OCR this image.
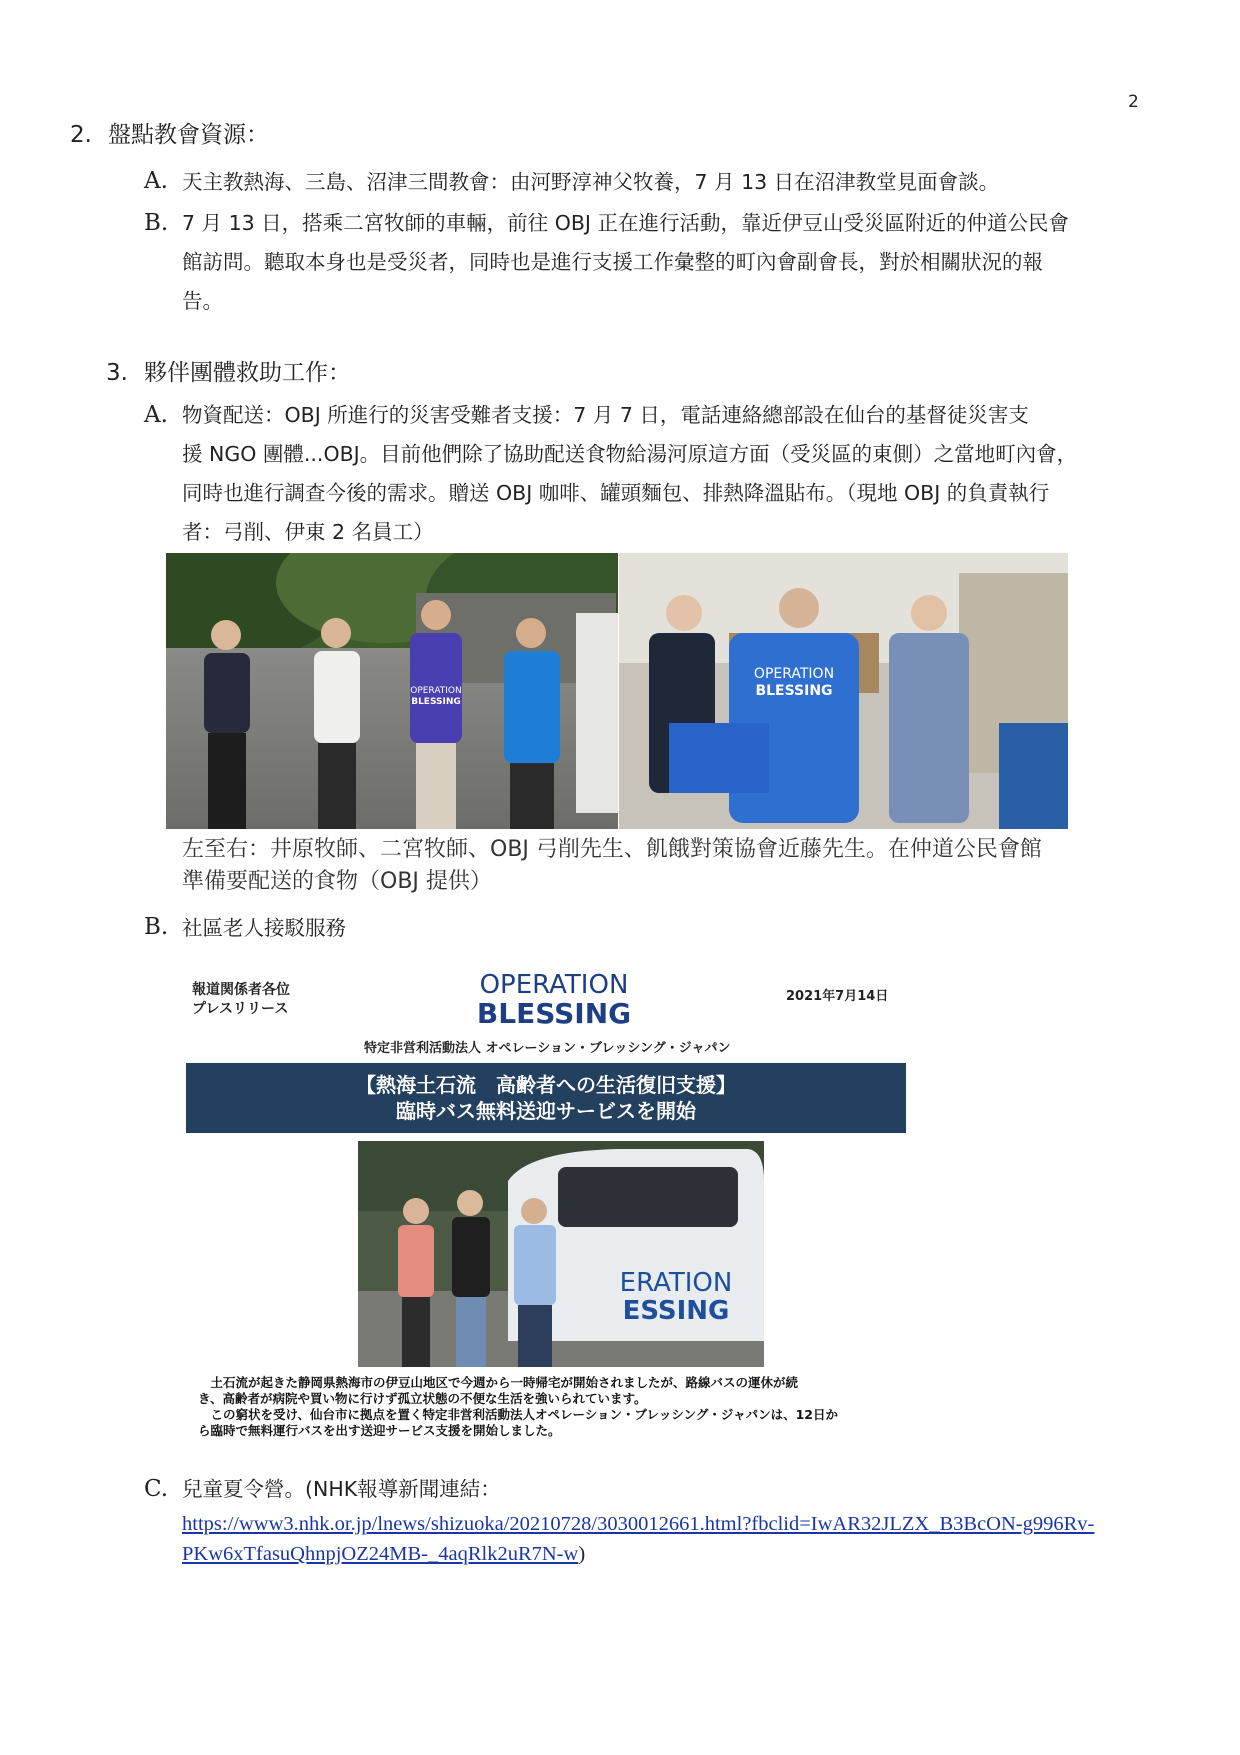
2
2. 盤點教會資源：
A. 天主教熱海、三島、沼津三間教會：由河野淳神父牧養，7 月 13 日在沼津教堂見面會談。
B. 7 月 13 日，搭乘二宮牧師的車輛，前往 OBJ 正在進行活動，靠近伊豆山受災區附近的仲道公民會
館訪問。聽取本身也是受災者，同時也是進行支援工作彙整的町內會副會長，對於相關狀況的報
告。
3. 夥伴團體救助工作：
A. 物資配送：OBJ 所進行的災害受難者支援：7 月 7 日，電話連絡總部設在仙台的基督徒災害支
援 NGO 團體...OBJ。目前他們除了協助配送食物給湯河原這方面（受災區的東側）之當地町內會，
同時也進行調查今後的需求。贈送 OBJ 咖啡、罐頭麵包、排熱降溫貼布。（現地 OBJ 的負責執行
者：弓削、伊東 2 名員工）
OPERATION
BLESSING
OPERATION
BLESSING
左至右：井原牧師、二宮牧師、OBJ 弓削先生、飢餓對策協會近藤先生。在仲道公民會館
準備要配送的食物（OBJ 提供）
B. 社區老人接駁服務
報道関係者各位
プレスリリース
OPERATION
BLESSING
2021年7月14日
特定非営利活動法人 オペレーション・ブレッシング・ジャパン
【熱海土石流　高齢者への生活復旧支援】
臨時バス無料送迎サービスを開始
ERATION
ESSING
　土石流が起きた静岡県熱海市の伊豆山地区で今週から一時帰宅が開始されましたが、路線バスの運休が続
き、高齢者が病院や買い物に行けず孤立状態の不便な生活を強いられています。
　この窮状を受け、仙台市に拠点を置く特定非営利活動法人オペレーション・ブレッシング・ジャパンは、12日か
ら臨時で無料運行バスを出す送迎サービス支援を開始しました。
C. 兒童夏令營。(NHK報導新聞連結：
https://www3.nhk.or.jp/lnews/shizuoka/20210728/3030012661.html?fbclid=IwAR32JLZX_B3BcON-g996Rv-
PKw6xTfasuQhnpjOZ24MB-_4aqRlk2uR7N-w)
